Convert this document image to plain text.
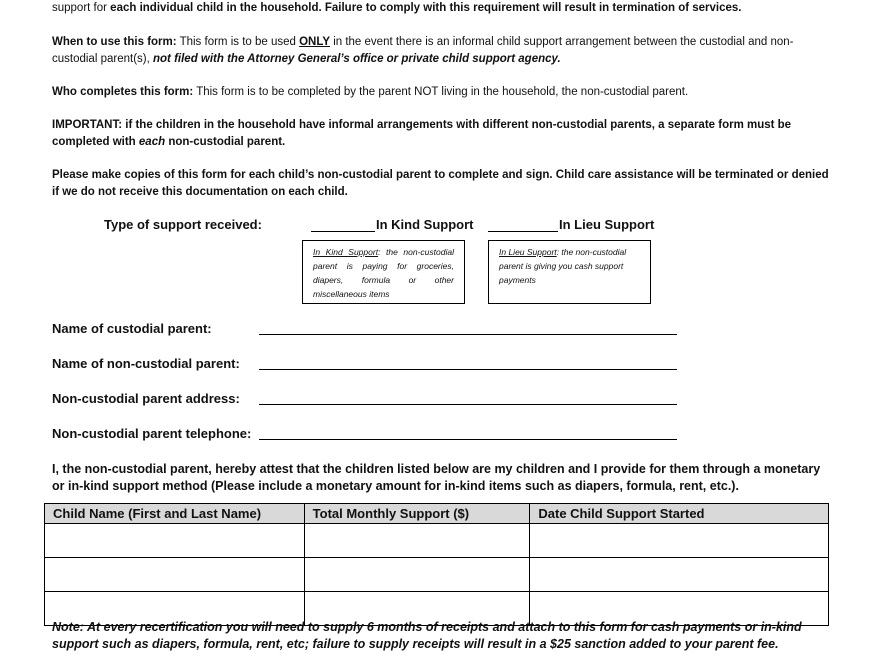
support for each individual child in the household. Failure to comply with this requirement will result in termination of services.

When to use this form: This form is to be used ONLY in the event there is an informal child support arrangement between the custodial and non-custodial parent(s), not filed with the Attorney General’s office or private child support agency.

Who completes this form: This form is to be completed by the parent NOT living in the household, the non-custodial parent.

IMPORTANT: if the children in the household have informal arrangements with different non-custodial parents, a separate form must be completed with each non-custodial parent.

Please make copies of this form for each child’s non-custodial parent to complete and sign. Child care assistance will be terminated or denied if we do not receive this documentation on each child.

Type of support received:	In Kind Support	In Lieu Support
In Kind Support: the non-custodial parent is paying for groceries, diapers, formula or other miscellaneous items
In Lieu Support: the non-custodial parent is giving you cash support payments
Name of custodial parent:
Name of non-custodial parent:
Non-custodial parent address:
Non-custodial parent telephone:

I, the non-custodial parent, hereby attest that the children listed below are my children and I provide for them through a monetary or in-kind support method (Please include a monetary amount for in-kind items such as diapers, formula, rent, etc.).

Child Name (First and Last Name)	Total Monthly Support ($)	Date Child Support Started

Note: At every recertification you will need to supply 6 months of receipts and attach to this form for cash payments or in-kind support such as diapers, formula, rent, etc; failure to supply receipts will result in a $25 sanction added to your parent fee.
